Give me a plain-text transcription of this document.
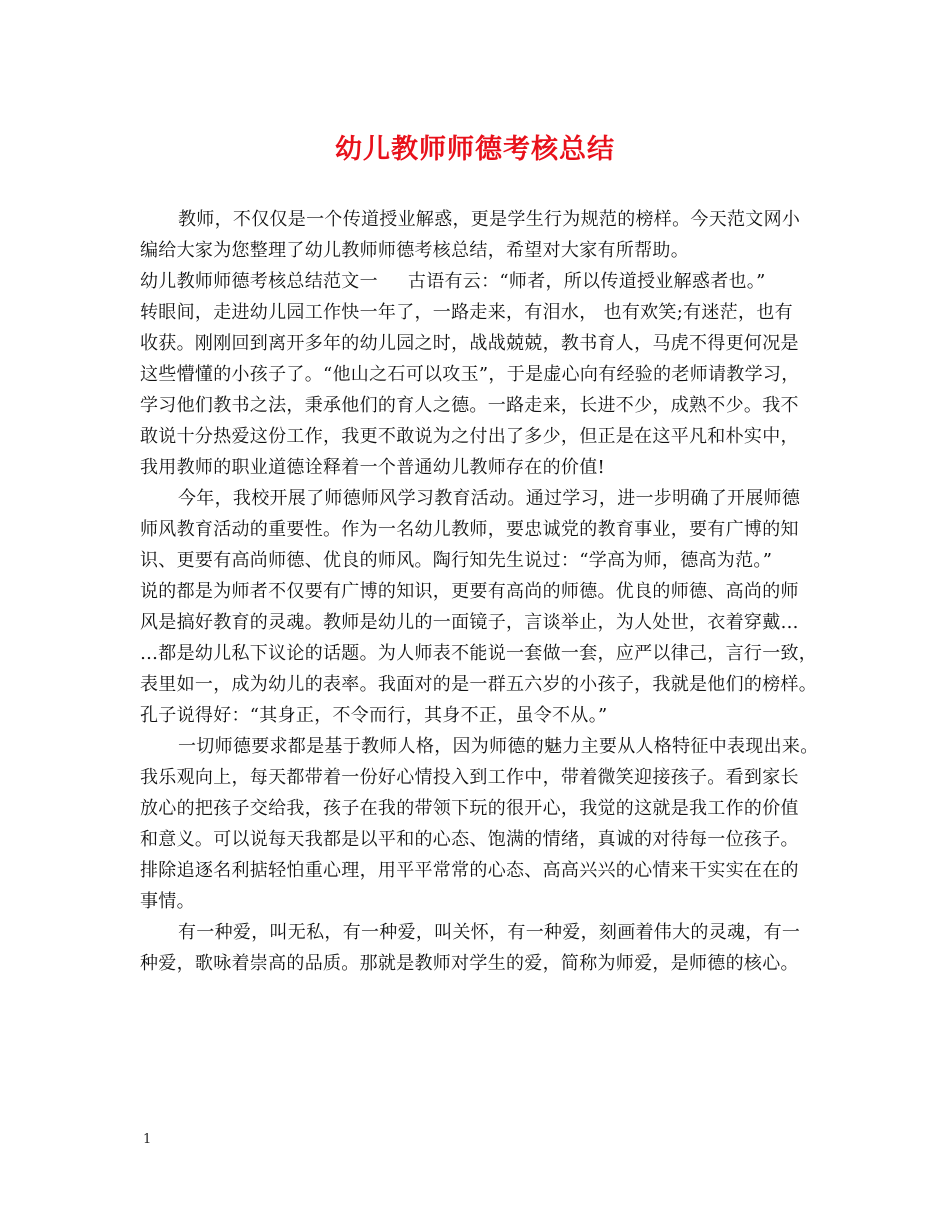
幼儿教师师德考核总结
教师，不仅仅是一个传道授业解惑，更是学生行为规范的榜样。今天范文网小
编给大家为您整理了幼儿教师师德考核总结，希望对大家有所帮助。
幼儿教师师德考核总结范文一 古语有云：“师者，所以传道授业解惑者也。”
转眼间，走进幼儿园工作快一年了，一路走来，有泪水， 也有欢笑;有迷茫，也有
收获。刚刚回到离开多年的幼儿园之时，战战兢兢，教书育人，马虎不得更何况是
这些懵懂的小孩子了。“他山之石可以攻玉”，于是虚心向有经验的老师请教学习，
学习他们教书之法，秉承他们的育人之德。一路走来，长进不少，成熟不少。我不
敢说十分热爱这份工作，我更不敢说为之付出了多少，但正是在这平凡和朴实中，
我用教师的职业道德诠释着一个普通幼儿教师存在的价值!
今年，我校开展了师德师风学习教育活动。通过学习，进一步明确了开展师德
师风教育活动的重要性。作为一名幼儿教师，要忠诚党的教育事业，要有广博的知
识、更要有高尚师德、优良的师风。陶行知先生说过：“学高为师，德高为范。”
说的都是为师者不仅要有广博的知识，更要有高尚的师德。优良的师德、高尚的师
风是搞好教育的灵魂。教师是幼儿的一面镜子，言谈举止，为人处世，衣着穿戴…
…都是幼儿私下议论的话题。为人师表不能说一套做一套，应严以律己，言行一致，
表里如一，成为幼儿的表率。我面对的是一群五六岁的小孩子，我就是他们的榜样。
孔子说得好：“其身正，不令而行，其身不正，虽令不从。”
一切师德要求都是基于教师人格，因为师德的魅力主要从人格特征中表现出来。
我乐观向上，每天都带着一份好心情投入到工作中，带着微笑迎接孩子。看到家长
放心的把孩子交给我，孩子在我的带领下玩的很开心，我觉的这就是我工作的价值
和意义。可以说每天我都是以平和的心态、饱满的情绪，真诚的对待每一位孩子。
排除追逐名利掂轻怕重心理，用平平常常的心态、高高兴兴的心情来干实实在在的
事情。
有一种爱，叫无私，有一种爱，叫关怀，有一种爱，刻画着伟大的灵魂，有一
种爱，歌咏着崇高的品质。那就是教师对学生的爱，简称为师爱，是师德的核心。
1
